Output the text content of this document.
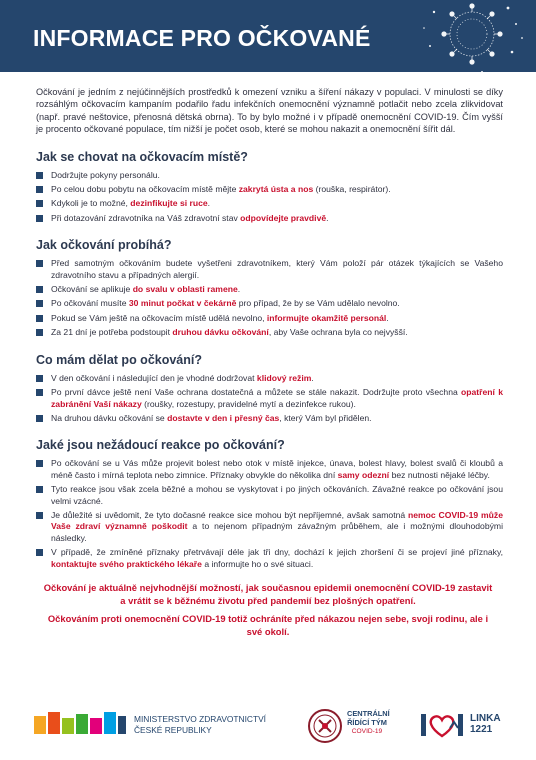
INFORMACE PRO OČKOVANÉ

Očkování je jedním z nejúčinnějších prostředků k omezení vzniku a šíření nákazy v populaci. V minulosti se díky rozsáhlým očkovacím kampaním podařilo řadu infekčních onemocnění významně potlačit nebo zcela zlikvidovat (např. pravé neštovice, přenosná dětská obrna). To by bylo možné i v případě onemocnění COVID-19. Čím vyšší je procento očkované populace, tím nižší je počet osob, které se mohou nakazit a onemocnění šířit dál.

Jak se chovat na očkovacím místě?
Dodržujte pokyny personálu.
Po celou dobu pobytu na očkovacím místě mějte zakrytá ústa a nos (rouška, respirátor).
Kdykoli je to možné, dezinfikujte si ruce.
Při dotazování zdravotníka na Váš zdravotní stav odpovídejte pravdivě.
Jak očkování probíhá?
Před samotným očkováním budete vyšetřeni zdravotníkem, který Vám položí pár otázek týkajících se Vašeho zdravotního stavu a případných alergií.
Očkování se aplikuje do svalu v oblasti ramene.
Po očkování musíte 30 minut počkat v čekárně pro případ, že by se Vám udělalo nevolno.
Pokud se Vám ještě na očkovacím místě udělá nevolno, informujte okamžitě personál.
Za 21 dní je potřeba podstoupit druhou dávku očkování, aby Vaše ochrana byla co nejvyšší.
Co mám dělat po očkování?
V den očkování i následující den je vhodné dodržovat klidový režim.
Po první dávce ještě není Vaše ochrana dostatečná a můžete se stále nakazit. Dodržujte proto všechna opatření k zabránění Vaší nákazy (roušky, rozestupy, pravidelné mytí a dezinfekce rukou).
Na druhou dávku očkování se dostavte v den i přesný čas, který Vám byl přidělen.
Jaké jsou nežádoucí reakce po očkování?
Po očkování se u Vás může projevit bolest nebo otok v místě injekce, únava, bolest hlavy, bolest svalů či kloubů a méně často i mírná teplota nebo zimnice. Příznaky obvykle do několika dní samy odezní bez nutnosti nějaké léčby.
Tyto reakce jsou však zcela běžné a mohou se vyskytovat i po jiných očkováních. Závažné reakce po očkování jsou velmi vzácné.
Je důležité si uvědomit, že tyto dočasné reakce sice mohou být nepříjemné, avšak samotná nemoc COVID-19 může Vaše zdraví významně poškodit a to nejenom případným závažným průběhem, ale i možnými dlouhodobými následky.
V případě, že zmíněné příznaky přetrvávají déle jak tři dny, dochází k jejich zhoršení či se projeví jiné příznaky, kontaktujte svého praktického lékaře a informujte ho o své situaci.

Očkování je aktuálně nejvhodnější možností, jak současnou epidemii onemocnění COVID-19 zastavit a vrátit se k běžnému životu před pandemií bez plošných opatření.

Očkováním proti onemocnění COVID-19 totiž ochráníte před nákazou nejen sebe, svoji rodinu, ale i své okolí.

MINISTERSTVO ZDRAVOTNICTVÍ
ČESKÉ REPUBLIKY
CENTRÁLNÍ
ŘÍDÍCÍ TÝM
COVID-19
LINKA
1221
